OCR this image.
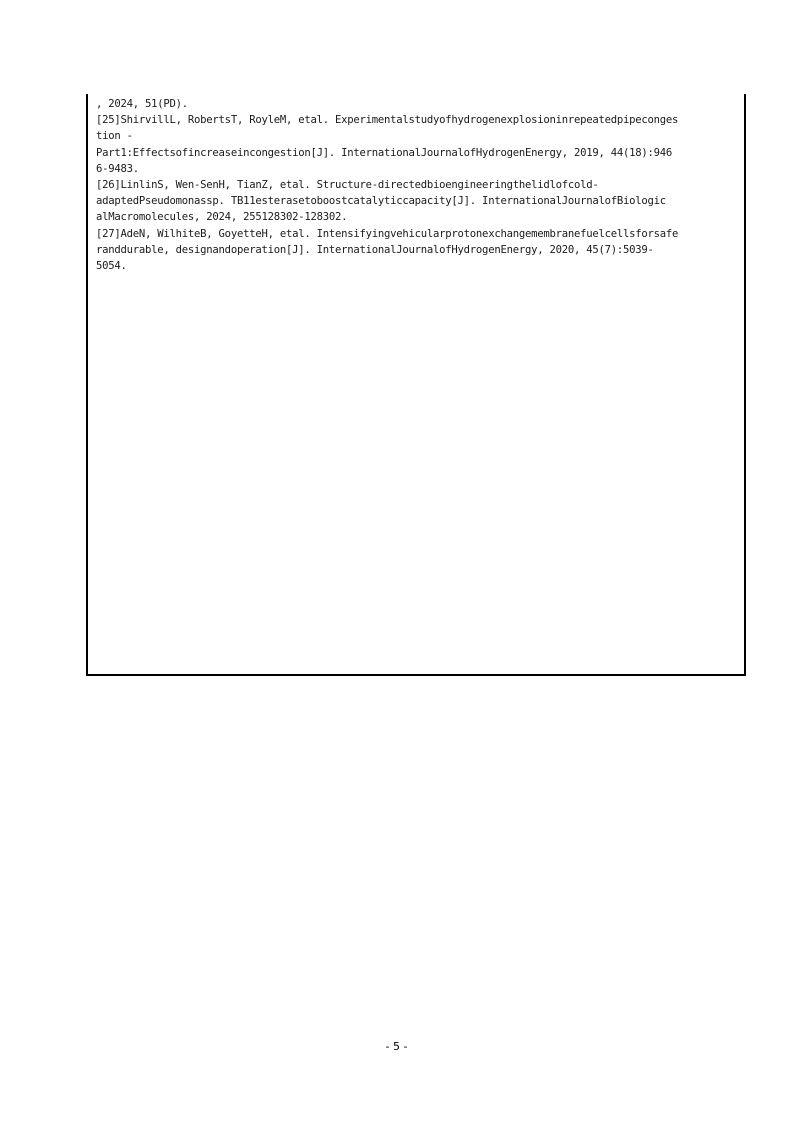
, 2024, 51(PD).
[25]ShirvillL, RobertsT, RoyleM, etal. Experimentalstudyofhydrogenexplosioninrepeatedpipeconges
tion -
Part1:Effectsofincreaseincongestion[J]. InternationalJournalofHydrogenEnergy, 2019, 44(18):946
6-9483.
[26]LinlinS, Wen-SenH, TianZ, etal. Structure-directedbioengineeringthelidlofcold-
adaptedPseudomonassp. TB11esterasetoboostcatalyticcapacity[J]. InternationalJournalofBiologic
alMacromolecules, 2024, 255128302-128302.
[27]AdeN, WilhiteB, GoyetteH, etal. Intensifyingvehicularprotonexchangemembranefuelcellsforsafe
randdurable, designandoperation[J]. InternationalJournalofHydrogenEnergy, 2020, 45(7):5039-
5054.
- 5 -
